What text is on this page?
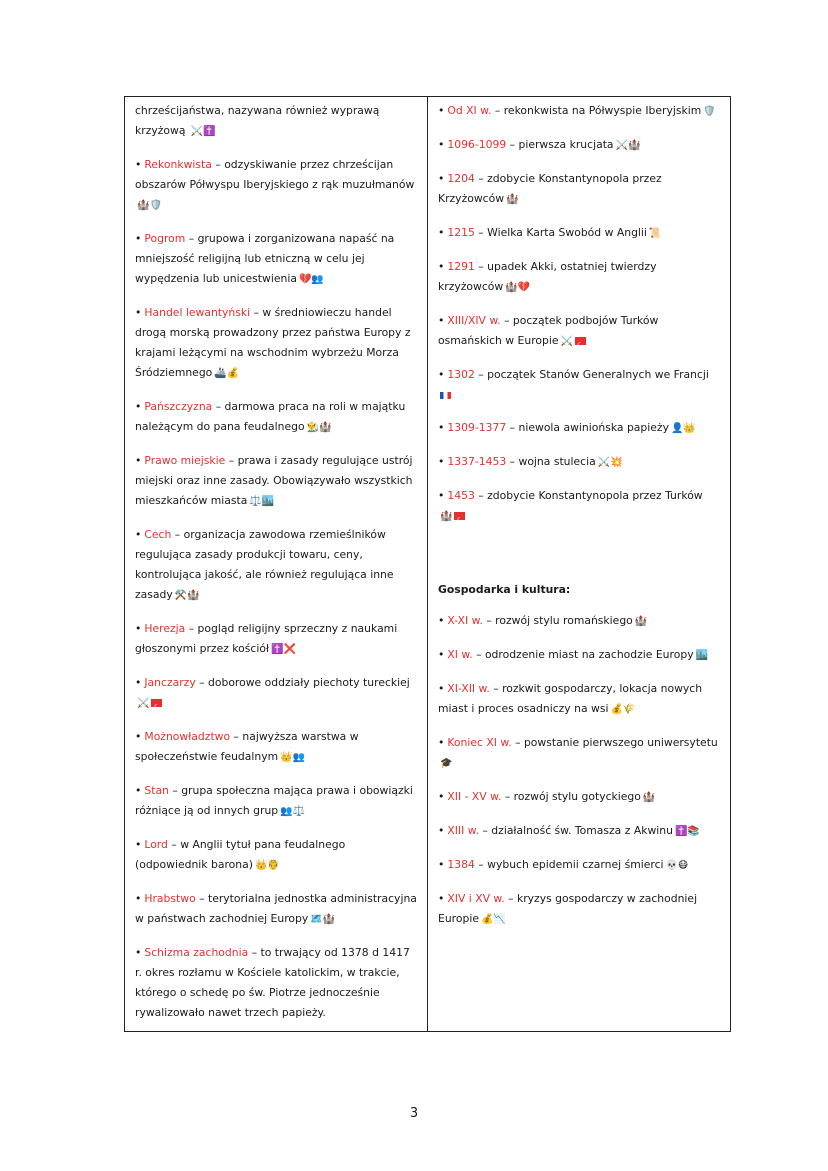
chrześcijaństwa, nazywana również wyprawą krzyżową ⚔️✝️
• Rekonkwista – odzyskiwanie przez chrześcijan obszarów Półwyspu Iberyjskiego z rąk muzułmanów🏰🛡️
• Pogrom – grupowa i zorganizowana napaść na mniejszość religijną lub etniczną w celu jej wypędzenia lub unicestwienia 💔👥
• Handel lewantyński – w średniowieczu handel drogą morską prowadzony przez państwa Europy z krajami leżącymi na wschodnim wybrzeżu Morza Śródziemnego 🚢💰
• Pańszczyzna – darmowa praca na roli w majątku należącym do pana feudalnego 👨‍🌾🏰
• Prawo miejskie – prawa i zasady regulujące ustrój miejski oraz inne zasady. Obowiązywało wszystkich mieszkańców miasta ⚖️🏙️
• Cech – organizacja zawodowa rzemieślników regulująca zasady produkcji towaru, ceny, kontrolująca jakość, ale również regulująca inne zasady ⚒️🏰
• Herezja – pogląd religijny sprzeczny z naukami głoszonymi przez kościół ✝️❌
• Janczarzy – doborowe oddziały piechoty tureckiej ⚔️☾
• Możnowładztwo – najwyższa warstwa w społeczeństwie feudalnym 👑👥
• Stan – grupa społeczna mająca prawa i obowiązki różniące ją od innych grup 👥⚖️
• Lord – w Anglii tytuł pana feudalnego (odpowiednik barona) 👑🤴
• Hrabstwo – terytorialna jednostka administracyjna w państwach zachodniej Europy 🗺️🏰
• Schizma zachodnia – to trwający od 1378 d 1417 r. okres rozłamu w Kościele katolickim, w trakcie, którego o schedę po św. Piotrze jednocześnie rywalizowało nawet trzech papieży.
• Od XI w. – rekonkwista na Półwyspie Iberyjskim 🛡️
• 1096-1099 – pierwsza krucjata ⚔️🏰
• 1204 – zdobycie Konstantynopola przez Krzyżowców 🏰
• 1215 – Wielka Karta Swobód w Anglii 📜
• 1291 – upadek Akki, ostatniej twierdzy krzyżowców 🏰💔
• XIII/XIV w. – początek podbojów Turków osmańskich w Europie ⚔️☾
• 1302 – początek Stanów Generalnych we Francji

• 1309-1377 – niewola awiniońska papieży 👤👑
• 1337-1453 – wojna stulecia ⚔️💥
• 1453 – zdobycie Konstantynopola przez Turków
🏰☾
Gospodarka i kultura:
• X-XI w. – rozwój stylu romańskiego 🏰
• XI w. – odrodzenie miast na zachodzie Europy 🏙️
• XI-XII w. – rozkwit gospodarczy, lokacja nowych miast i proces osadniczy na wsi 💰🌾
• Koniec XI w. – powstanie pierwszego uniwersytetu🎓
• XII - XV w. – rozwój stylu gotyckiego 🏰
• XIII w. – działalność św. Tomasza z Akwinu ✝️📚
• 1384 – wybuch epidemii czarnej śmierci 💀😷
• XIV i XV w. – kryzys gospodarczy w zachodniej Europie 💰📉
3
